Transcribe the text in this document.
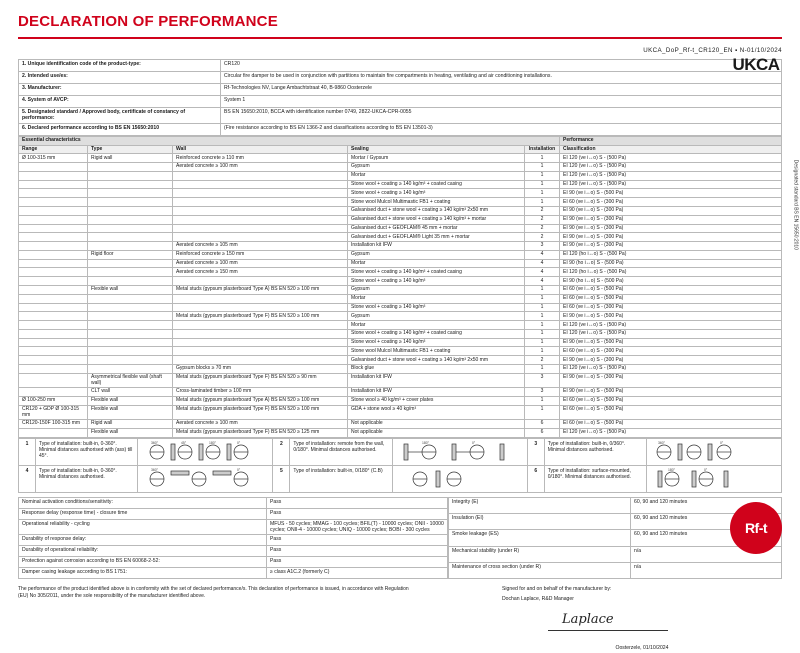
DECLARATION OF PERFORMANCE
UKCA_DoP_Rf-t_CR120_EN ▪ N-01/10/2024
UKCA
1. Unique identification code of the product-type:	CR120
2. Intended use/es:	Circular fire damper to be used in conjunction with partitions to maintain fire compartments in heating, ventilating and air conditioning installations.
3. Manufacturer:	Rf-Technologies NV, Lange Ambachtstraat 40, B-9860 Oosterzele
4. System of AVCP:	System 1
5. Designated standard / Approved body, certificate of constancy of performance:	BS EN 15650:2010, BCCA with identification number 0749, 2822-UKCA-CPR-0055
6. Declared performance according to BS EN 15650:2010	(Fire resistance according to BS EN 1366-2 and classifications according to BS EN 13501-3)
Essential characteristics					Performance
Range	Type	Wall	Sealing	Installation	Classification
Ø 100-315 mm	Rigid wall	Reinforced concrete ≥ 110 mm	Mortar / Gypsum	1	EI 120 (ve i↔o) S - (500 Pa)
		Aerated concrete ≥ 100 mm	Gypsum	1	EI 120 (ve i↔o) S - (500 Pa)
			Mortar	1	EI 120 (ve i↔o) S - (500 Pa)
			Stone wool + coating ≥ 140 kg/m³ + coated casing	1	EI 120 (ve i↔o) S - (500 Pa)
			Stone wool + coating ≥ 140 kg/m³	1	EI 90 (ve i↔o) S - (500 Pa)
			Stone wool Mulcol Multimastic FB1 + coating	1	EI 60 (ve i↔o) S - (300 Pa)
			Galvanised duct + stone wool + coating ≥ 140 kg/m³ 2x50 mm	2	EI 90 (ve i↔o) S - (300 Pa)
			Galvanised duct + stone wool + coating ≥ 140 kg/m³ + mortar	2	EI 90 (ve i↔o) S - (300 Pa)
			Galvanised duct + GEOFLAM® 45 mm + mortar	2	EI 90 (ve i↔o) S - (300 Pa)
			Galvanised duct + GEOFLAM® Light 35 mm + mortar	2	EI 90 (ve i↔o) S - (300 Pa)
		Aerated concrete ≥ 105 mm	Installation kit IFW	3	EI 90 (ve i↔o) S - (300 Pa)
	Rigid floor	Reinforced concrete ≥ 150 mm	Gypsum	4	EI 120 (ho i↔o) S - (500 Pa)
		Aerated concrete ≥ 100 mm	Mortar	4	EI 90 (ho i↔o) S - (500 Pa)
		Aerated concrete ≥ 150 mm	Stone wool + coating ≥ 140 kg/m³ + coated casing	4	EI 120 (ho i↔o) S - (500 Pa)
			Stone wool + coating ≥ 140 kg/m³	4	EI 90 (ho i↔o) S - (500 Pa)
	Flexible wall	Metal studs (gypsum plasterboard Type A) BS EN 520 ≥ 100 mm	Gypsum	1	EI 60 (ve i↔o) S - (500 Pa)
			Mortar	1	EI 60 (ve i↔o) S - (500 Pa)
			Stone wool + coating ≥ 140 kg/m³	1	EI 60 (ve i↔o) S - (300 Pa)
		Metal studs (gypsum plasterboard Type F) BS EN 520 ≥ 100 mm	Gypsum	1	EI 90 (ve i↔o) S - (500 Pa)
			Mortar	1	EI 120 (ve i↔o) S - (500 Pa)
			Stone wool + coating ≥ 140 kg/m³ + coated casing	1	EI 120 (ve i↔o) S - (500 Pa)
			Stone wool + coating ≥ 140 kg/m³	1	EI 90 (ve i↔o) S - (500 Pa)
			Stone wool Mulcol Multimastic FB1 + coating	1	EI 60 (ve i↔o) S - (300 Pa)
			Galvanised duct + stone wool + coating ≥ 140 kg/m³ 2x50 mm	2	EI 90 (ve i↔o) S - (300 Pa)
		Gypsum blocks ≥ 70 mm	Block glue	1	EI 120 (ve i↔o) S - (500 Pa)
	Asymmetrical flexible wall (shaft wall)	Metal studs (gypsum plasterboard Type F) BS EN 520 ≥ 90 mm	Installation kit IFW	3	EI 90 (ve i↔o) S - (300 Pa)
	CLT wall	Cross-laminated timber ≥ 100 mm	Installation kit IFW	3	EI 90 (ve i↔o) S - (500 Pa)
Ø 100-250 mm	Flexible wall	Metal studs (gypsum plasterboard Type A) BS EN 520 ≥ 100 mm	Stone wool ≥ 40 kg/m³ + cover plates	1	EI 60 (ve i↔o) S - (500 Pa)
CR120 + GDP Ø 100-315 mm	Flexible wall	Metal studs (gypsum plasterboard Type F) BS EN 520 ≥ 100 mm	GDA + stone wool ≥ 40 kg/m³	1	EI 60 (ve i↔o) S - (500 Pa)
CR120-150F 100-315 mm	Rigid wall	Aerated concrete ≥ 100 mm	Not applicable	6	EI 60 (ve i↔o) S - (500 Pa)
	Flexible wall	Metal studs (gypsum plasterboard Type F) BS EN 520 ≥ 125 mm	Not applicable	6	EI 120 (ve i↔o) S - (500 Pa)
1	Type of installation: built-in, 0-360°. Minimal distances authorised with (ass) till 45°.	360° 45° 180° 0°	2	Type of installation: remote from the wall, 0/180°. Minimal distances authorised.	180° 0°	3	Type of installation: built-in, 0/360°. Minimal distances authorised.	360° 0°

4	Type of installation: built-in, 0-360°. Minimal distances authorised.	360° 0°	5	Type of installation: built-in, 0/180° (C.B)		6	Type of installation: surface-mounted, 0/180°. Minimal distances authorised.	180° 0°
Nominal activation conditions/sensitivity:	Pass
Response delay (response time) - closure time	Pass
Operational reliability - cycling	MFUS - 50 cycles; MMAG - 100 cycles; BFIL(T) - 10000 cycles; ONII - 10000 cycles; ONII-4 - 10000 cycles; UNIQ - 10000 cycles; BOBI - 300 cycles
Durability of response delay:	Pass
Durability of operational reliability:	Pass
Protection against corrosion according to BS EN 60068-2-52:	Pass
Damper casing leakage according to BS 1751:	≥ class A1C.2 (formerly C)
Integrity (E)	60, 90 and 120 minutes
Insulation (EI)	60, 90 and 120 minutes
Smoke leakage (ES)	60, 90 and 120 minutes
Mechanical stability (under R)	n/a
Maintenance of cross section (under R)	n/a
The performance of the product identified above is in conformity with the set of declared performance/s. This declaration of performance is issued, in accordance with Regulation (EU) No 305/2011, under the sole responsibility of the manufacturer identified above.
Signed for and on behalf of the manufacturer by:
Dochan Laplace, R&D Manager
Laplace
Oosterzele, 01/10/2024
Designated standard BS EN 15650:2010
Rf-t
